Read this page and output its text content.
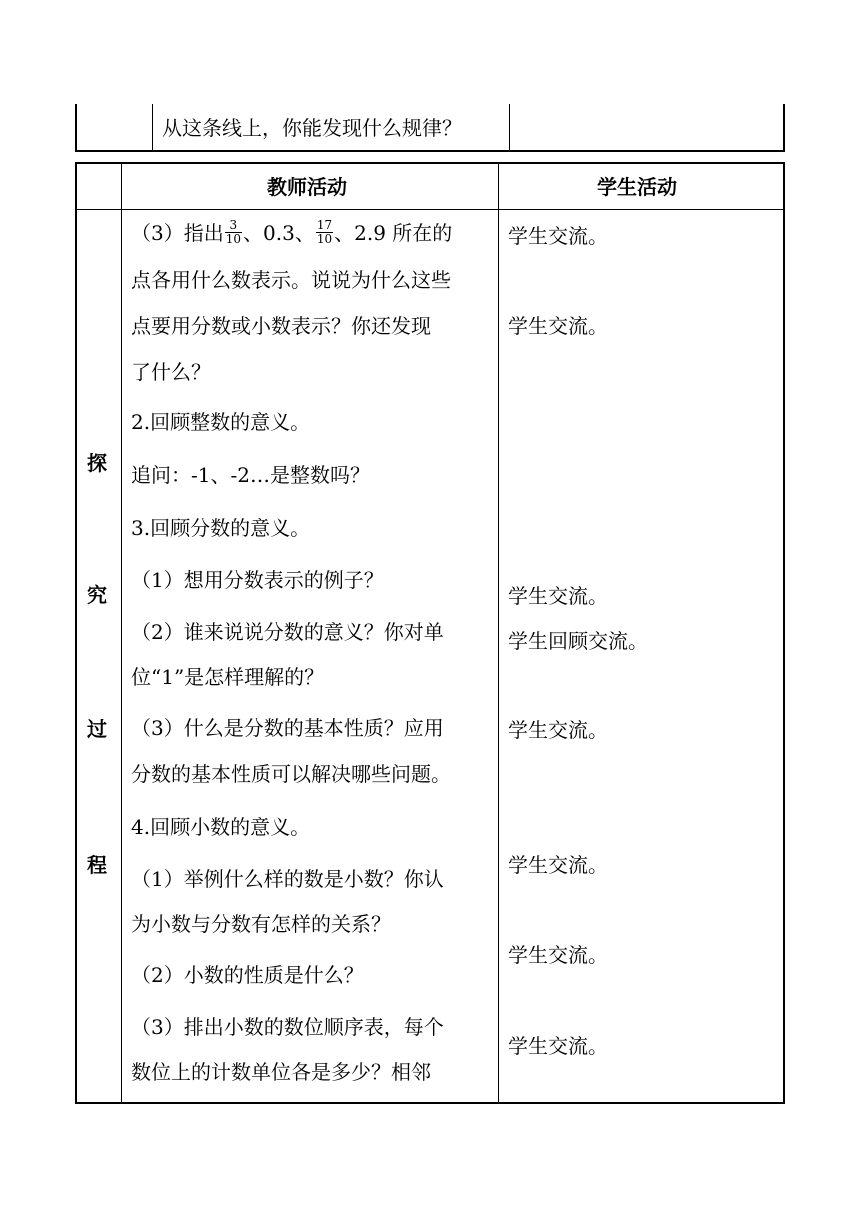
从这条线上，你能发现什么规律？
教师活动	学生活动
探
究
过
程
（3）指出 $\frac{3}{10}$ 、0.3、 $\frac{17}{10}$ 、2.9 所在的
点各用什么数表示。说说为什么这些
点要用分数或小数表示？你还发现
了什么？
2.回顾整数的意义。
追问：-1、-2…是整数吗？
3.回顾分数的意义。
（1）想用分数表示的例子？
（2）谁来说说分数的意义？你对单
位“1”是怎样理解的？
（3）什么是分数的基本性质？应用
分数的基本性质可以解决哪些问题。
4.回顾小数的意义。
（1）举例什么样的数是小数？你认
为小数与分数有怎样的关系？
（2）小数的性质是什么？
（3）排出小数的数位顺序表，每个
数位上的计数单位各是多少？相邻
学生交流。
学生交流。
学生交流。
学生回顾交流。
学生交流。
学生交流。
学生交流。
学生交流。
